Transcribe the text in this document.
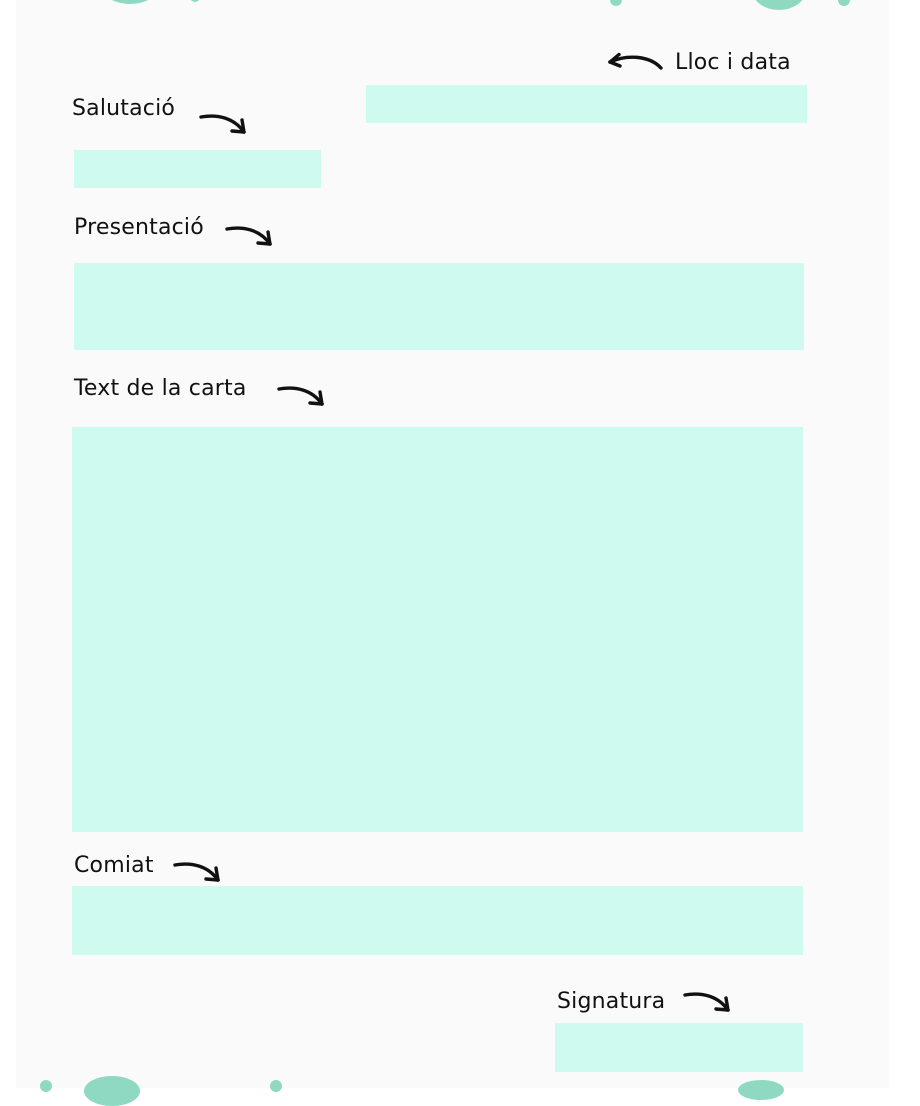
Lloc i data
Salutació
Presentació
Text de la carta
Comiat
Signatura
